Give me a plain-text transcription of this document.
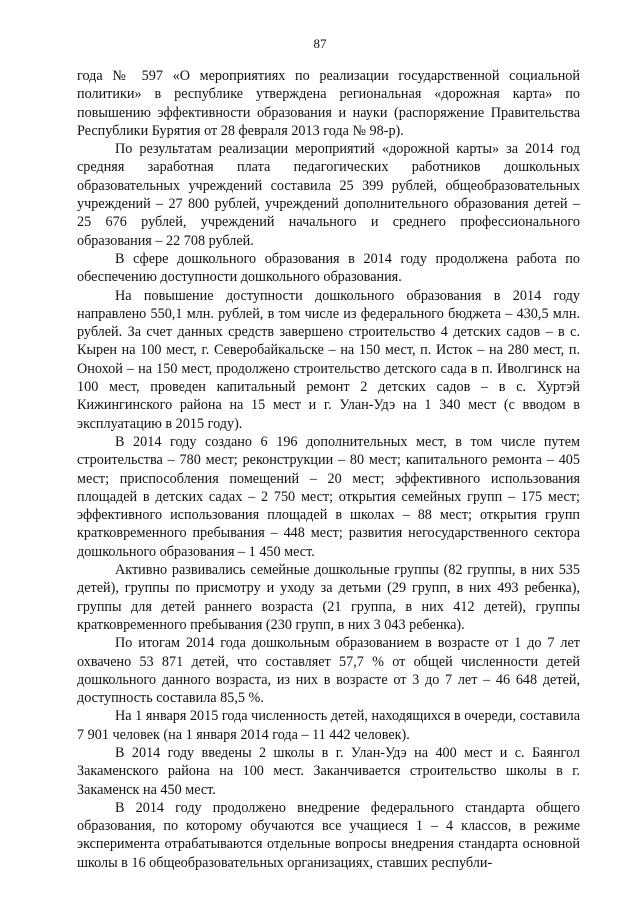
87

года № 597 «О мероприятиях по реализации государственной социальной политики» в республике утверждена региональная «дорожная карта» по повышению эффективности образования и науки (распоряжение Правительства Республики Бурятия от 28 февраля 2013 года № 98-р).

По результатам реализации мероприятий «дорожной карты» за 2014 год средняя заработная плата педагогических работников дошкольных образовательных учреждений составила 25 399 рублей, общеобразовательных учреждений – 27 800 рублей, учреждений дополнительного образования детей – 25 676 рублей, учреждений начального и среднего профессионального образования – 22 708 рублей.

В сфере дошкольного образования в 2014 году продолжена работа по обеспечению доступности дошкольного образования.

На повышение доступности дошкольного образования в 2014 году направлено 550,1 млн. рублей, в том числе из федерального бюджета – 430,5 млн. рублей. За счет данных средств завершено строительство 4 детских садов – в с. Кырен на 100 мест, г. Северобайкальске – на 150 мест, п. Исток – на 280 мест, п. Онохой – на 150 мест, продолжено строительство детского сада в п. Иволгинск на 100 мест, проведен капитальный ремонт 2 детских садов – в с. Хуртэй Кижингинского района на 15 мест и г. Улан-Удэ на 1 340 мест (с вводом в эксплуатацию в 2015 году).

В 2014 году создано 6 196 дополнительных мест, в том числе путем строительства – 780 мест; реконструкции – 80 мест; капитального ремонта – 405 мест; приспособления помещений – 20 мест; эффективного использования площадей в детских садах – 2 750 мест; открытия семейных групп – 175 мест; эффективного использования площадей в школах – 88 мест; открытия групп кратковременного пребывания – 448 мест; развития негосударственного сектора дошкольного образования – 1 450 мест.

Активно развивались семейные дошкольные группы (82 группы, в них 535 детей), группы по присмотру и уходу за детьми (29 групп, в них 493 ребенка), группы для детей раннего возраста (21 группа, в них 412 детей), группы кратковременного пребывания (230 групп, в них 3 043 ребенка).

По итогам 2014 года дошкольным образованием в возрасте от 1 до 7 лет охвачено 53 871 детей, что составляет 57,7 % от общей численности детей дошкольного данного возраста, из них в возрасте от 3 до 7 лет – 46 648 детей, доступность составила 85,5 %.

На 1 января 2015 года численность детей, находящихся в очереди, составила 7 901 человек (на 1 января 2014 года – 11 442 человек).

В 2014 году введены 2 школы в г. Улан-Удэ на 400 мест и с. Баянгол Закаменского района на 100 мест. Заканчивается строительство школы в г. Закаменск на 450 мест.

В 2014 году продолжено внедрение федерального стандарта общего образования, по которому обучаются все учащиеся 1 – 4 классов, в режиме эксперимента отрабатываются отдельные вопросы внедрения стандарта основной школы в 16 общеобразовательных организациях, ставших республи-
